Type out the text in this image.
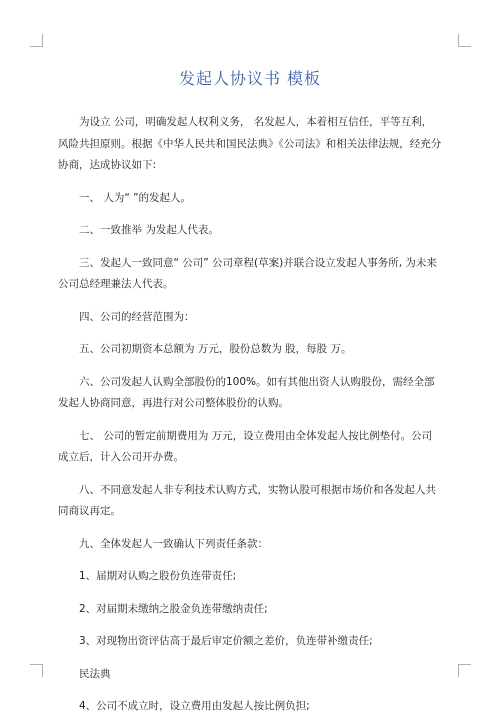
发起人协议书 模板

为设立 公司，明确发起人权利义务， 名发起人，本着相互信任，平等互利，风险共担原则。根据《中华人民共和国民法典》《公司法》和相关法律法规，经充分协商，达成协议如下:

一、 人为“ ”的发起人。

二、一致推举 为发起人代表。

三、发起人一致同意“ 公司” 公司章程(草案)并联合设立发起人事务所, 为未来公司总经理兼法人代表。

四、公司的经营范围为：

五、公司初期资本总额为 万元，股份总数为 股，每股 万。

六、公司发起人认购全部股份的100%。如有其他出资人认购股份，需经全部发起人协商同意，再进行对公司整体股份的认购。

七、 公司的暂定前期费用为 万元，设立费用由全体发起人按比例垫付。公司成立后，计入公司开办费。

八、不同意发起人非专利技术认购方式，实物认股可根据市场价和各发起人共同商议再定。

九、全体发起人一致确认下列责任条款：

1、届期对认购之股份负连带责任;

2、对届期未缴纳之股金负连带缴纳责任;

3、对现物出资评估高于最后审定价额之差价，负连带补缴责任;

民法典

4、公司不成立时，设立费用由发起人按比例负担;
